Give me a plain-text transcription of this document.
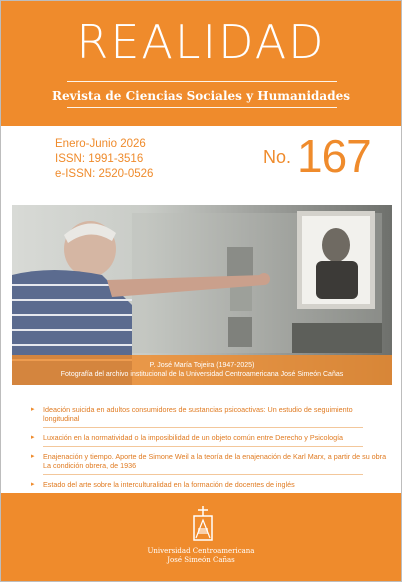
REALIDAD
Revista de Ciencias Sociales y Humanidades
Enero-Junio 2026
ISSN: 1991-3516
e-ISSN: 2520-0526
No. 167
P. José María Tojeira (1947-2025)
Fotografía del archivo institucional de la Universidad Centroamericana José Simeón Cañas
▸ Ideación suicida en adultos consumidores de sustancias psicoactivas: Un estudio de seguimiento longitudinal
▸ Luxación en la normatividad o la imposibilidad de un objeto común entre Derecho y Psicología
▸ Enajenación y tiempo. Aporte de Simone Weil a la teoría de la enajenación de Karl Marx, a partir de su obra La condición obrera, de 1936
▸ Estado del arte sobre la interculturalidad en la formación de docentes de inglés
Universidad Centroamericana
José Simeón Cañas
